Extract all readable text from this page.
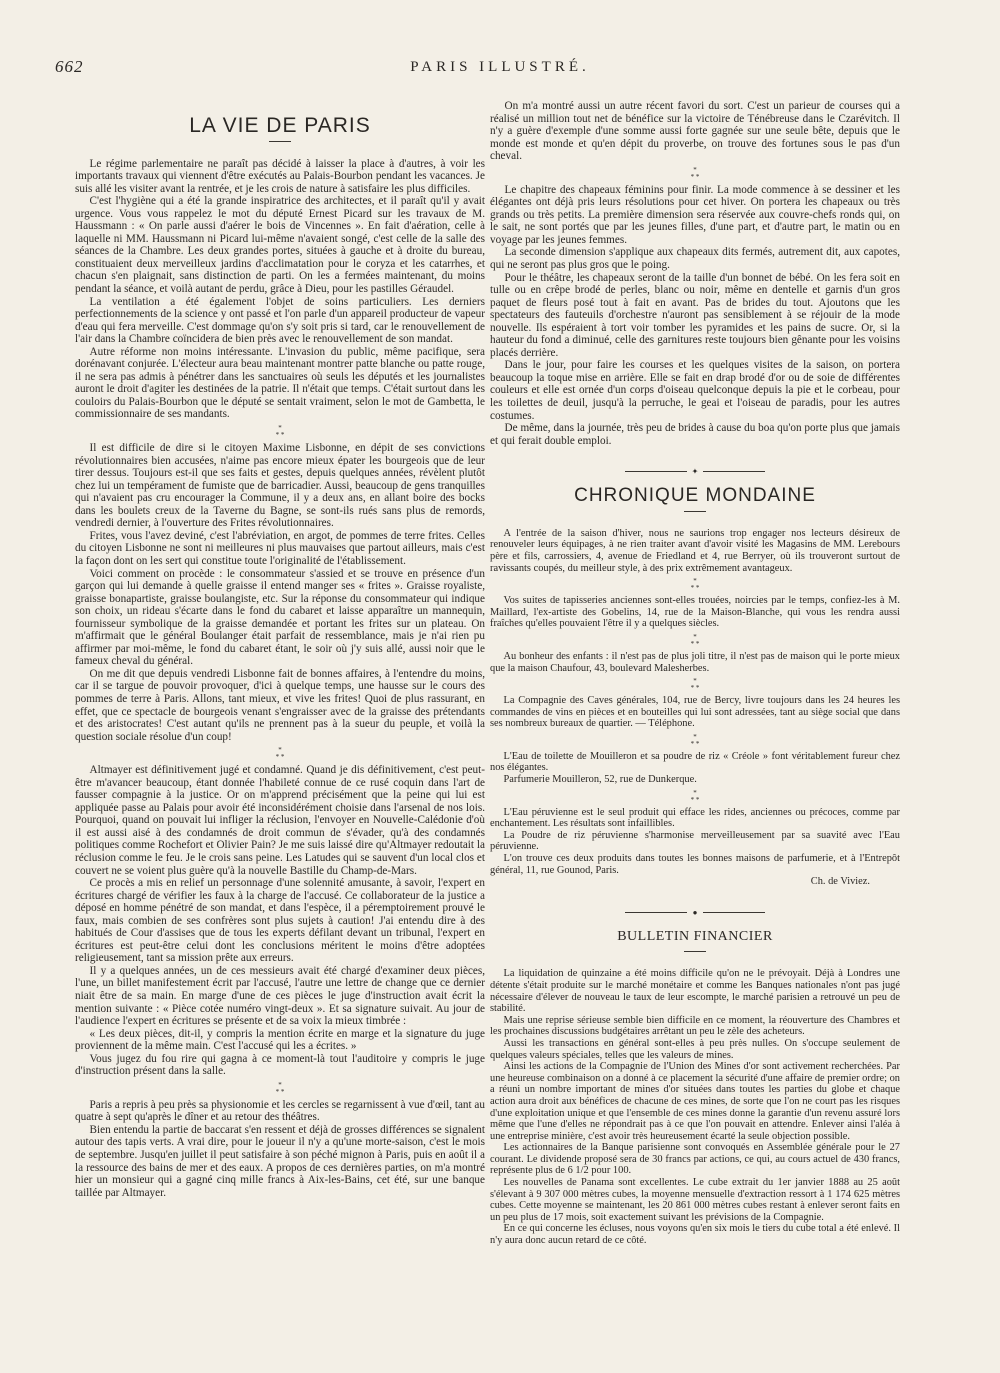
662	PARIS ILLUSTRÉ.
LA VIE DE PARIS

Le régime parlementaire ne paraît pas décidé à laisser la place à d'autres, à voir les importants travaux qui viennent d'être exécutés au Palais-Bourbon pendant les vacances. Je suis allé les visiter avant la rentrée, et je les crois de nature à satisfaire les plus difficiles.

C'est l'hygiène qui a été la grande inspiratrice des architectes, et il paraît qu'il y avait urgence. Vous vous rappelez le mot du député Ernest Picard sur les travaux de M. Haussmann : « On parle aussi d'aérer le bois de Vincennes ». En fait d'aération, celle à laquelle ni MM. Haussmann ni Picard lui-même n'avaient songé, c'est celle de la salle des séances de la Chambre. Les deux grandes portes, situées à gauche et à droite du bureau, constituaient deux merveilleux jardins d'acclimatation pour le coryza et les catarrhes, et chacun s'en plaignait, sans distinction de parti. On les a fermées maintenant, du moins pendant la séance, et voilà autant de perdu, grâce à Dieu, pour les pastilles Géraudel.

La ventilation a été également l'objet de soins particuliers. Les derniers perfectionnements de la science y ont passé et l'on parle d'un appareil producteur de vapeur d'eau qui fera merveille. C'est dommage qu'on s'y soit pris si tard, car le renouvellement de l'air dans la Chambre coïncidera de bien près avec le renouvellement de son mandat.

Autre réforme non moins intéressante. L'invasion du public, même pacifique, sera dorénavant conjurée. L'électeur aura beau maintenant montrer patte blanche ou patte rouge, il ne sera pas admis à pénétrer dans les sanctuaires où seuls les députés et les journalistes auront le droit d'agiter les destinées de la patrie. Il n'était que temps. C'était surtout dans les couloirs du Palais-Bourbon que le député se sentait vraiment, selon le mot de Gambetta, le commissionnaire de ses mandants.

*
* *

Il est difficile de dire si le citoyen Maxime Lisbonne, en dépit de ses convictions révolutionnaires bien accusées, n'aime pas encore mieux épater les bourgeois que de leur tirer dessus. Toujours est-il que ses faits et gestes, depuis quelques années, révèlent plutôt chez lui un tempérament de fumiste que de barricadier. Aussi, beaucoup de gens tranquilles qui n'avaient pas cru encourager la Commune, il y a deux ans, en allant boire des bocks dans les boulets creux de la Taverne du Bagne, se sont-ils rués sans plus de remords, vendredi dernier, à l'ouverture des Frites révolutionnaires.

Frites, vous l'avez deviné, c'est l'abréviation, en argot, de pommes de terre frites. Celles du citoyen Lisbonne ne sont ni meilleures ni plus mauvaises que partout ailleurs, mais c'est la façon dont on les sert qui constitue toute l'originalité de l'établissement.

Voici comment on procède : le consommateur s'assied et se trouve en présence d'un garçon qui lui demande à quelle graisse il entend manger ses « frites ». Graisse royaliste, graisse bonapartiste, graisse boulangiste, etc. Sur la réponse du consommateur qui indique son choix, un rideau s'écarte dans le fond du cabaret et laisse apparaître un mannequin, fournisseur symbolique de la graisse demandée et portant les frites sur un plateau. On m'affirmait que le général Boulanger était parfait de ressemblance, mais je n'ai rien pu affirmer par moi-même, le fond du cabaret étant, le soir où j'y suis allé, aussi noir que le fameux cheval du général.

On me dit que depuis vendredi Lisbonne fait de bonnes affaires, à l'entendre du moins, car il se targue de pouvoir provoquer, d'ici à quelque temps, une hausse sur le cours des pommes de terre à Paris. Allons, tant mieux, et vive les frites! Quoi de plus rassurant, en effet, que ce spectacle de bourgeois venant s'engraisser avec de la graisse des prétendants et des aristocrates! C'est autant qu'ils ne prennent pas à la sueur du peuple, et voilà la question sociale résolue d'un coup!

*
* *

Altmayer est définitivement jugé et condamné. Quand je dis définitivement, c'est peut-être m'avancer beaucoup, étant donnée l'habileté connue de ce rusé coquin dans l'art de fausser compagnie à la justice. Or on m'apprend précisément que la peine qui lui est appliquée passe au Palais pour avoir été inconsidérément choisie dans l'arsenal de nos lois. Pourquoi, quand on pouvait lui infliger la réclusion, l'envoyer en Nouvelle-Calédonie d'où il est aussi aisé à des condamnés de droit commun de s'évader, qu'à des condamnés politiques comme Rochefort et Olivier Pain? Je me suis laissé dire qu'Altmayer redoutait la réclusion comme le feu. Je le crois sans peine. Les Latudes qui se sauvent d'un local clos et couvert ne se voient plus guère qu'à la nouvelle Bastille du Champ-de-Mars.

Ce procès a mis en relief un personnage d'une solennité amusante, à savoir, l'expert en écritures chargé de vérifier les faux à la charge de l'accusé. Ce collaborateur de la justice a déposé en homme pénétré de son mandat, et dans l'espèce, il a péremptoirement prouvé le faux, mais combien de ses confrères sont plus sujets à caution! J'ai entendu dire à des habitués de Cour d'assises que de tous les experts défilant devant un tribunal, l'expert en écritures est peut-être celui dont les conclusions méritent le moins d'être adoptées religieusement, tant sa mission prête aux erreurs.

Il y a quelques années, un de ces messieurs avait été chargé d'examiner deux pièces, l'une, un billet manifestement écrit par l'accusé, l'autre une lettre de change que ce dernier niait être de sa main. En marge d'une de ces pièces le juge d'instruction avait écrit la mention suivante : « Pièce cotée numéro vingt-deux ». Et sa signature suivait. Au jour de l'audience l'expert en écritures se présente et de sa voix la mieux timbrée :

« Les deux pièces, dit-il, y compris la mention écrite en marge et la signature du juge proviennent de la même main. C'est l'accusé qui les a écrites. »

Vous jugez du fou rire qui gagna à ce moment-là tout l'auditoire y compris le juge d'instruction présent dans la salle.

*
* *

Paris a repris à peu près sa physionomie et les cercles se regarnissent à vue d'œil, tant au quatre à sept qu'après le dîner et au retour des théâtres.

Bien entendu la partie de baccarat s'en ressent et déjà de grosses différences se signalent autour des tapis verts. A vrai dire, pour le joueur il n'y a qu'une morte-saison, c'est le mois de septembre. Jusqu'en juillet il peut satisfaire à son péché mignon à Paris, puis en août il a la ressource des bains de mer et des eaux. A propos de ces dernières parties, on m'a montré hier un monsieur qui a gagné cinq mille francs à Aix-les-Bains, cet été, sur une banque taillée par Altmayer.

On m'a montré aussi un autre récent favori du sort. C'est un parieur de courses qui a réalisé un million tout net de bénéfice sur la victoire de Ténébreuse dans le Czarévitch. Il n'y a guère d'exemple d'une somme aussi forte gagnée sur une seule bête, depuis que le monde est monde et qu'en dépit du proverbe, on trouve des fortunes sous le pas d'un cheval.

*
* *

Le chapitre des chapeaux féminins pour finir. La mode commence à se dessiner et les élégantes ont déjà pris leurs résolutions pour cet hiver. On portera les chapeaux ou très grands ou très petits. La première dimension sera réservée aux couvre-chefs ronds qui, on le sait, ne sont portés que par les jeunes filles, d'une part, et d'autre part, le matin ou en voyage par les jeunes femmes.

La seconde dimension s'applique aux chapeaux dits fermés, autrement dit, aux capotes, qui ne seront pas plus gros que le poing.

Pour le théâtre, les chapeaux seront de la taille d'un bonnet de bébé. On les fera soit en tulle ou en crêpe brodé de perles, blanc ou noir, même en dentelle et garnis d'un gros paquet de fleurs posé tout à fait en avant. Pas de brides du tout. Ajoutons que les spectateurs des fauteuils d'orchestre n'auront pas sensiblement à se réjouir de la mode nouvelle. Ils espéraient à tort voir tomber les pyramides et les pains de sucre. Or, si la hauteur du fond a diminué, celle des garnitures reste toujours bien gênante pour les voisins placés derrière.

Dans le jour, pour faire les courses et les quelques visites de la saison, on portera beaucoup la toque mise en arrière. Elle se fait en drap brodé d'or ou de soie de différentes couleurs et elle est ornée d'un corps d'oiseau quelconque depuis la pie et le corbeau, pour les toilettes de deuil, jusqu'à la perruche, le geai et l'oiseau de paradis, pour les autres costumes.

De même, dans la journée, très peu de brides à cause du boa qu'on porte plus que jamais et qui ferait double emploi.

✦
CHRONIQUE MONDAINE

A l'entrée de la saison d'hiver, nous ne saurions trop engager nos lecteurs désireux de renouveler leurs équipages, à ne rien traiter avant d'avoir visité les Magasins de MM. Lerebours père et fils, carrossiers, 4, avenue de Friedland et 4, rue Berryer, où ils trouveront surtout de ravissants coupés, du meilleur style, à des prix extrêmement avantageux.

*
* *

Vos suites de tapisseries anciennes sont-elles trouées, noircies par le temps, confiez-les à M. Maillard, l'ex-artiste des Gobelins, 14, rue de la Maison-Blanche, qui vous les rendra aussi fraîches qu'elles pouvaient l'être il y a quelques siècles.

*
* *

Au bonheur des enfants : il n'est pas de plus joli titre, il n'est pas de maison qui le porte mieux que la maison Chaufour, 43, boulevard Malesherbes.

*
* *

La Compagnie des Caves générales, 104, rue de Bercy, livre toujours dans les 24 heures les commandes de vins en pièces et en bouteilles qui lui sont adressées, tant au siège social que dans ses nombreux bureaux de quartier. — Téléphone.

*
* *

L'Eau de toilette de Mouilleron et sa poudre de riz « Créole » font véritablement fureur chez nos élégantes.

Parfumerie Mouilleron, 52, rue de Dunkerque.

*
* *

L'Eau péruvienne est le seul produit qui efface les rides, anciennes ou précoces, comme par enchantement. Les résultats sont infaillibles.

La Poudre de riz péruvienne s'harmonise merveilleusement par sa suavité avec l'Eau péruvienne.

L'on trouve ces deux produits dans toutes les bonnes maisons de parfumerie, et à l'Entrepôt général, 11, rue Gounod, Paris.

Ch. de Viviez.

●
BULLETIN FINANCIER

La liquidation de quinzaine a été moins difficile qu'on ne le prévoyait. Déjà à Londres une détente s'était produite sur le marché monétaire et comme les Banques nationales n'ont pas jugé nécessaire d'élever de nouveau le taux de leur escompte, le marché parisien a retrouvé un peu de stabilité.

Mais une reprise sérieuse semble bien difficile en ce moment, la réouverture des Chambres et les prochaines discussions budgétaires arrêtant un peu le zèle des acheteurs.

Aussi les transactions en général sont-elles à peu près nulles. On s'occupe seulement de quelques valeurs spéciales, telles que les valeurs de mines.

Ainsi les actions de la Compagnie de l'Union des Mines d'or sont activement recherchées. Par une heureuse combinaison on a donné à ce placement la sécurité d'une affaire de premier ordre; on a réuni un nombre important de mines d'or situées dans toutes les parties du globe et chaque action aura droit aux bénéfices de chacune de ces mines, de sorte que l'on ne court pas les risques d'une exploitation unique et que l'ensemble de ces mines donne la garantie d'un revenu assuré lors même que l'une d'elles ne répondrait pas à ce que l'on pouvait en attendre. Enlever ainsi l'aléa à une entreprise minière, c'est avoir très heureusement écarté la seule objection possible.

Les actionnaires de la Banque parisienne sont convoqués en Assemblée générale pour le 27 courant. Le dividende proposé sera de 30 francs par actions, ce qui, au cours actuel de 430 francs, représente plus de 6 1/2 pour 100.

Les nouvelles de Panama sont excellentes. Le cube extrait du 1er janvier 1888 au 25 août s'élevant à 9 307 000 mètres cubes, la moyenne mensuelle d'extraction ressort à 1 174 625 mètres cubes. Cette moyenne se maintenant, les 20 861 000 mètres cubes restant à enlever seront faits en un peu plus de 17 mois, soit exactement suivant les prévisions de la Compagnie.

En ce qui concerne les écluses, nous voyons qu'en six mois le tiers du cube total a été enlevé. Il n'y aura donc aucun retard de ce côté.
